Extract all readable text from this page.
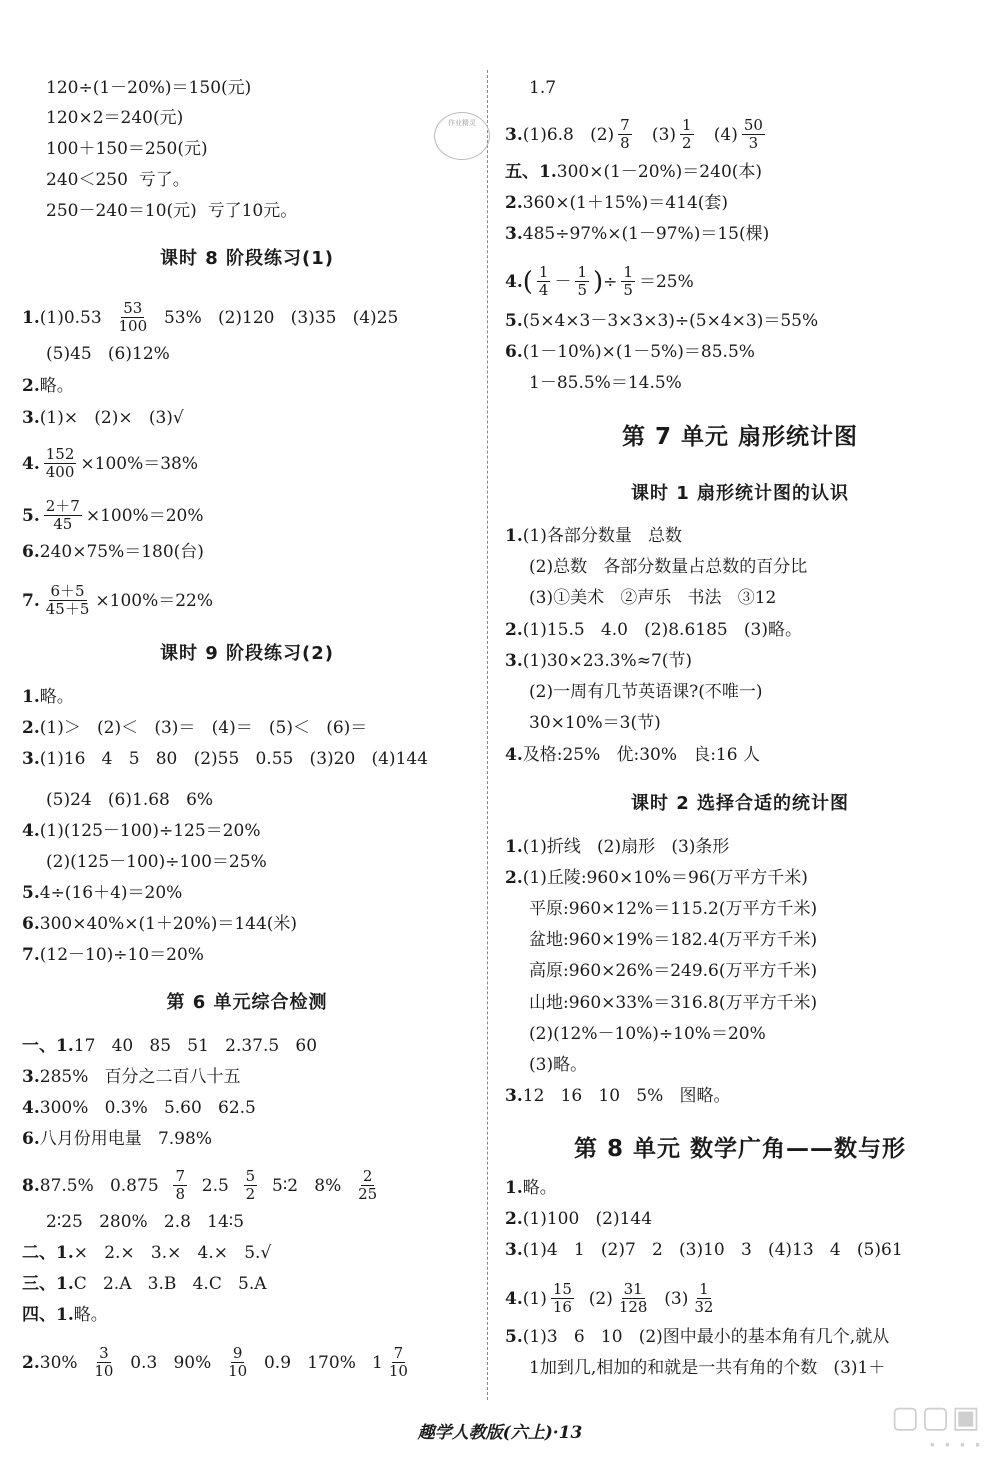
120÷(1－20%)＝150(元)
120×2＝240(元)
100＋150＝250(元)
240＜250  亏了。
250－240＝10(元)  亏了10元。
课时 8 阶段练习(1)
1. $(1)0.53 \frac{53}{100} 53\%$   (2)120   (3)35   (4)25
(5)45   (6)12%
2. 略。
3. (1)×   (2)×   (3)√
4. $\frac{152}{400} \times 100\%=38\%$
5. $\frac{2+7}{45} \times 100\%=20\%$
6. 240×75%＝180(台)
7. $\frac{6+5}{45+5} \times 100\%=22\%$
课时 9 阶段练习(2)
1. 略。
2. (1)＞   (2)＜   (3)＝   (4)＝   (5)＜   (6)＝
3. (1)16   4   5   80   (2)55   0.55   (3)20   (4)144
(5)24   (6)1.68   6%
4. (1)(125－100)÷125＝20%
(2)(125－100)÷100＝25%
5. 4÷(16＋4)＝20%
6. 300×40%×(1＋20%)＝144(米)
7. (12－10)÷10＝20%
第 6 单元综合检测
一、1. 17   40   85   51   2.37.5   60
3. 285%   百分之二百八十五
4. 300%   0.3%   5.60   62.5
6. 八月份用电量   7.98%
8. 87.5%   $0.875 \frac{7}{8} 2.5 \frac{5}{2}$ 5∶2   $8\% \frac{2}{25}$
2∶25   280%   2.8   14∶5
二、1. ×   2.×   3.×   4.×   5.√
三、1. C   2.A   3.B   4.C   5.A
四、1. 略。
2. $30\% \frac{3}{10} 0.3$   $90\% \frac{9}{10} 0.9$   170%   $1 \frac{7}{10}$
1.7
3. (1)6.8   $(2) \frac{7}{8} (3) \frac{1}{2} (4) \frac{50}{3}$
五、1. 300×(1－20%)＝240(本)
2. 360×(1＋15%)＝414(套)
3. 485÷97%×(1－97%)＝15(棵)
4. ( $\frac{1}{4} - \frac{1}{5}$ ) ÷ $\frac{1}{5} =25\%$
5. (5×4×3－3×3×3)÷(5×4×3)＝55%
6. (1－10%)×(1－5%)＝85.5%
1－85.5%＝14.5%
第 7 单元 扇形统计图
课时 1 扇形统计图的认识
1. (1)各部分数量   总数
(2)总数   各部分数量占总数的百分比
(3)①美术   ②声乐   书法   ③12
2. (1)15.5   4.0   (2)8.6185   (3)略。
3. (1)30×23.3%≈7(节)
(2)一周有几节英语课?(不唯一)
30×10%＝3(节)
4. 及格:25%   优:30%   良:16 人
课时 2 选择合适的统计图
1. (1)折线   (2)扇形   (3)条形
2. (1)丘陵:960×10%＝96(万平方千米)
平原:960×12%＝115.2(万平方千米)
盆地:960×19%＝182.4(万平方千米)
高原:960×26%＝249.6(万平方千米)
山地:960×33%＝316.8(万平方千米)
(2)(12%－10%)÷10%＝20%
(3)略。
3. 12   16   10   5%   图略。
第 8 单元 数学广角——数与形
1. 略。
2. (1)100   (2)144
3. (1)4   1   (2)7   2   (3)10   3   (4)13   4   (5)61
4. $(1) \frac{15}{16} (2) \frac{31}{128} (3) \frac{1}{32}$
5. (1)3   6   10   (2)图中最小的基本角有几个,就从
1加到几,相加的和就是一共有角的个数   (3)1＋
作业精灵
▢▢▣
· · · ·
趣学人教版(六上)·13
